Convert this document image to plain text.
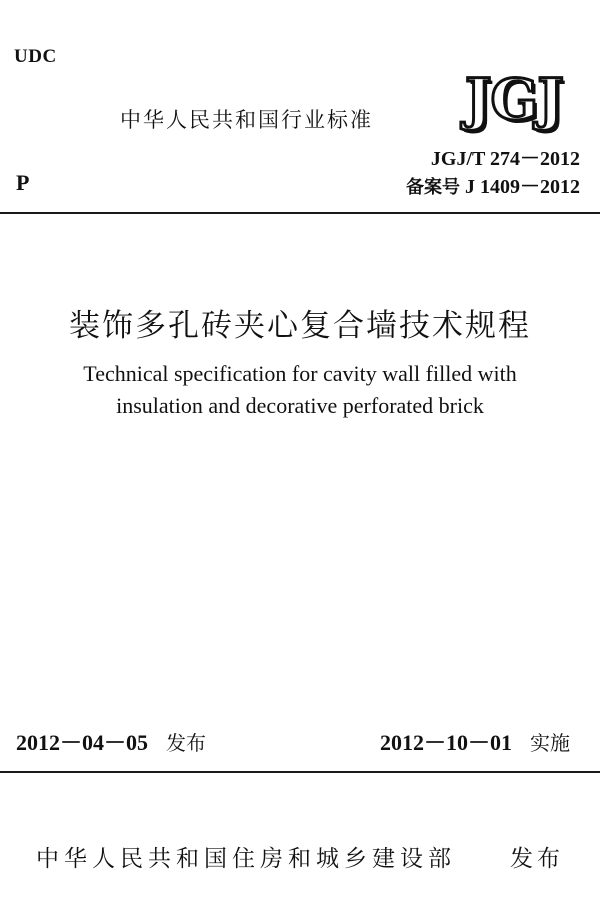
UDC
中华人民共和国行业标准 JGJ
P
JGJ/T 274－2012
备案号 J 1409－2012
装饰多孔砖夹心复合墙技术规程
Technical specification for cavity wall filled with
insulation and decorative perforated brick
2012－04－05 发布	2012－10－01 实施
中华人民共和国住房和城乡建设部 发布
